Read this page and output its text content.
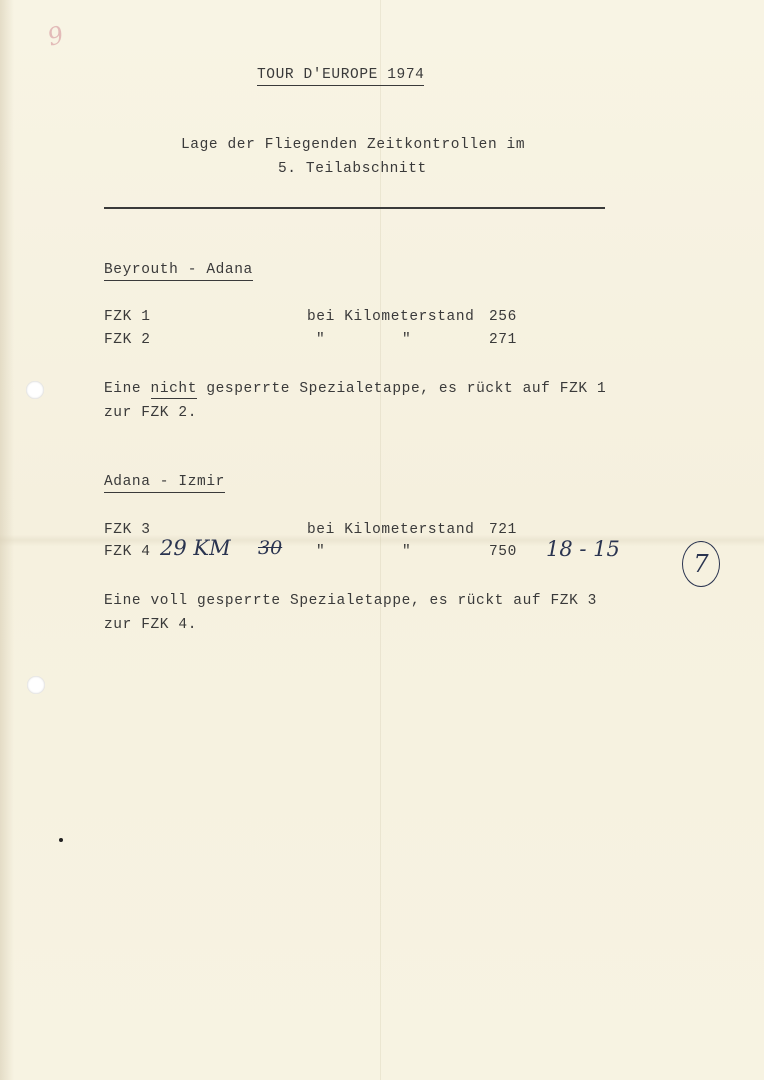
9
TOUR D'EUROPE 1974
Lage der Fliegenden Zeitkontrollen im
5. Teilabschnitt
Beyrouth - Adana
FZK 1	bei Kilometerstand 256
FZK 2	"	"	271
Eine nicht gesperrte Spezialetappe, es rückt auf FZK 1
zur FZK 2.
Adana - Izmir
FZK 3	bei Kilometerstand 721
FZK 4 29 KM 30 "	"	750 18 - 15
7
Eine voll gesperrte Spezialetappe, es rückt auf FZK 3
zur FZK 4.
